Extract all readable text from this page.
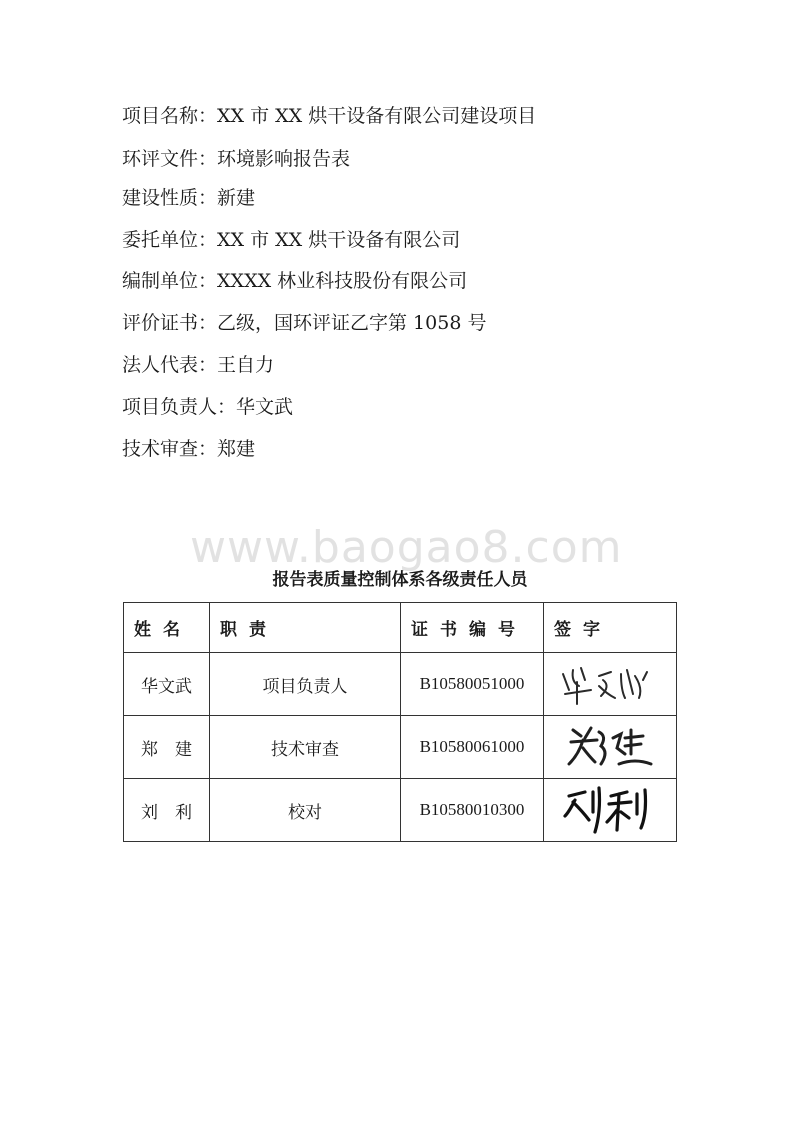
项目名称：XX 市 XX 烘干设备有限公司建设项目
环评文件：环境影响报告表
建设性质：新建
委托单位：XX 市 XX 烘干设备有限公司
编制单位：XXXX 林业科技股份有限公司
评价证书：乙级，国环评证乙字第 1058 号
法人代表：王自力
项目负责人：华文武
技术审查：郑建
www.baogao8.com
报告表质量控制体系各级责任人员
姓名	职责	证书编号	签字
华文武	项目负责人	B10580051000	

郑　建	技术审查	B10580061000	

刘　利	校对	B10580010300	
